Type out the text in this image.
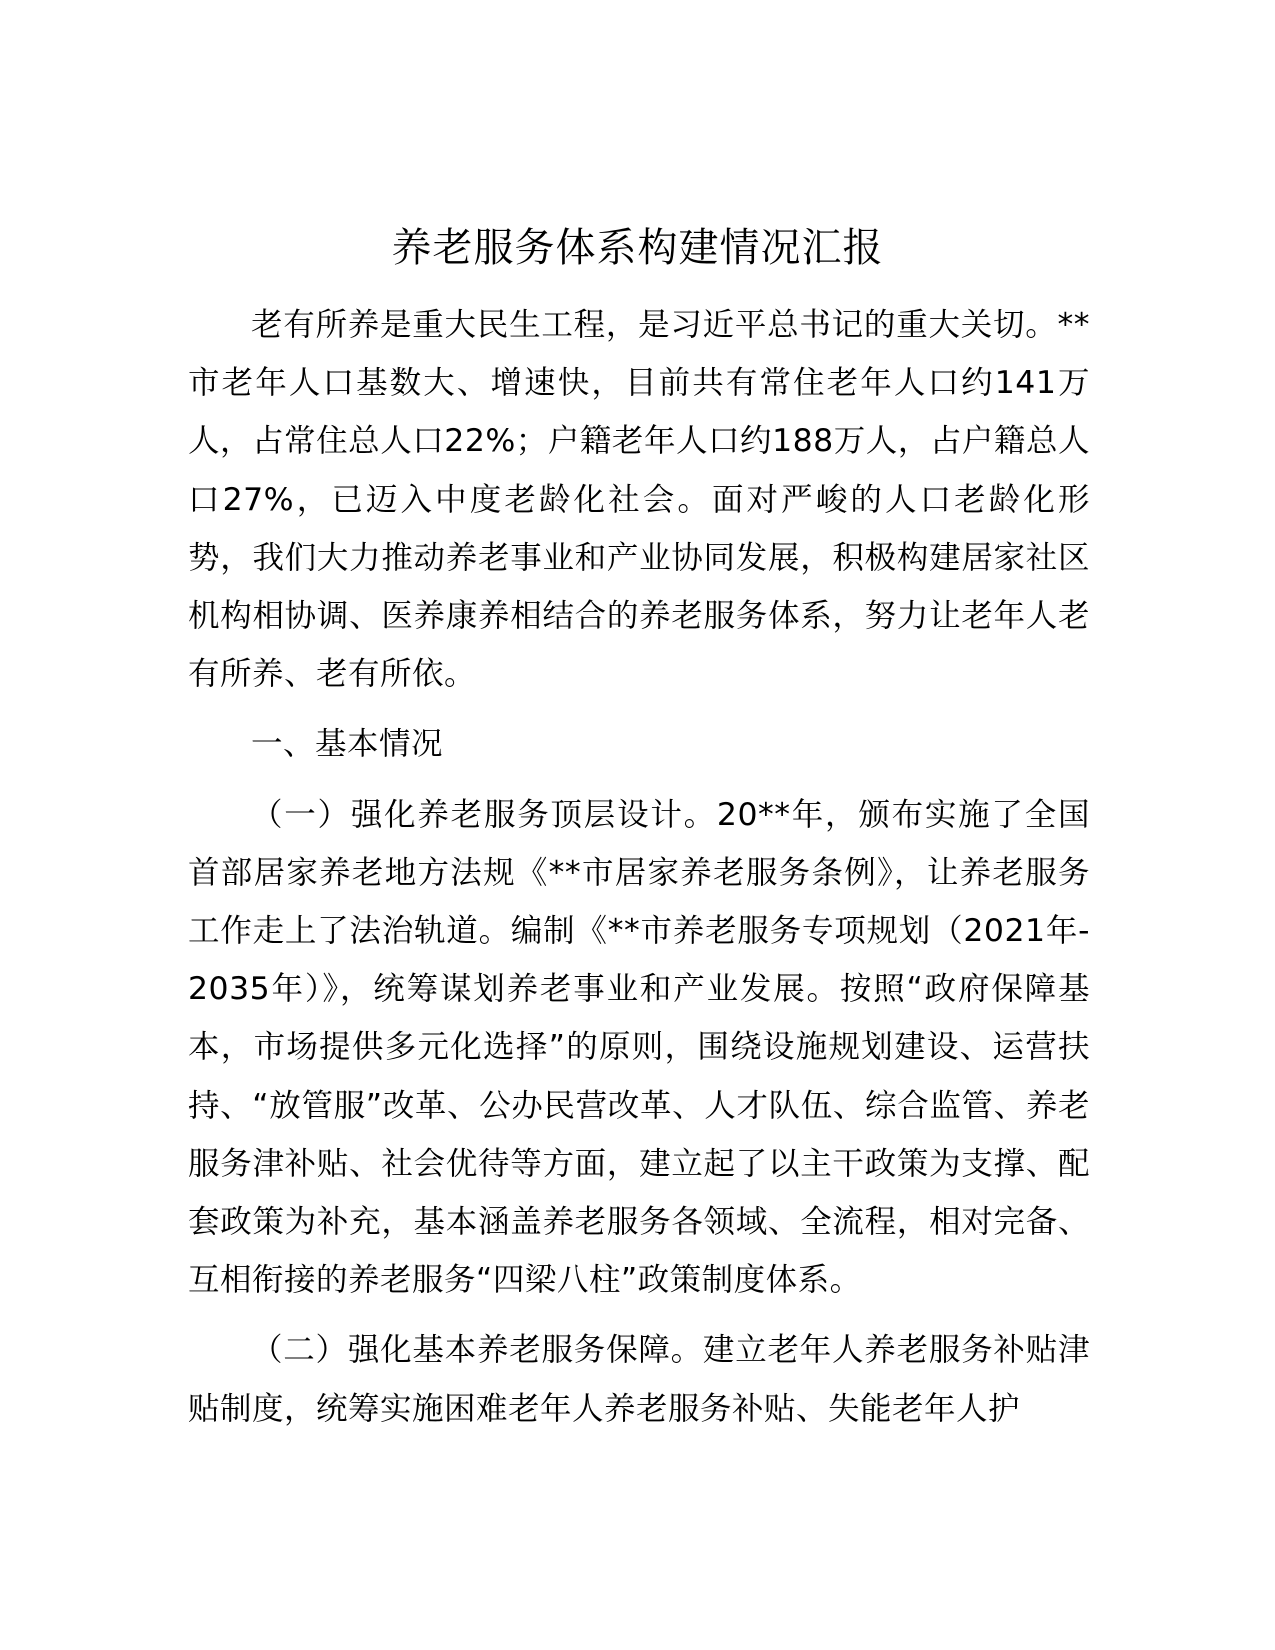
养老服务体系构建情况汇报

老有所养是重大民生工程，是习近平总书记的重大关切。**市老年人口基数大、增速快，目前共有常住老年人口约141万人，占常住总人口22%；户籍老年人口约188万人，占户籍总人口27%，已迈入中度老龄化社会。面对严峻的人口老龄化形势，我们大力推动养老事业和产业协同发展，积极构建居家社区机构相协调、医养康养相结合的养老服务体系，努力让老年人老有所养、老有所依。

一、基本情况

（一）强化养老服务顶层设计。20**年，颁布实施了全国首部居家养老地方法规《**市居家养老服务条例》，让养老服务工作走上了法治轨道。编制《**市养老服务专项规划（2021年-2035年）》，统筹谋划养老事业和产业发展。按照“政府保障基本，市场提供多元化选择”的原则，围绕设施规划建设、运营扶持、“放管服”改革、公办民营改革、人才队伍、综合监管、养老服务津补贴、社会优待等方面，建立起了以主干政策为支撑、配套政策为补充，基本涵盖养老服务各领域、全流程，相对完备、互相衔接的养老服务“四梁八柱”政策制度体系。

（二）强化基本养老服务保障。建立老年人养老服务补贴津贴制度，统筹实施困难老年人养老服务补贴、失能老年人护
